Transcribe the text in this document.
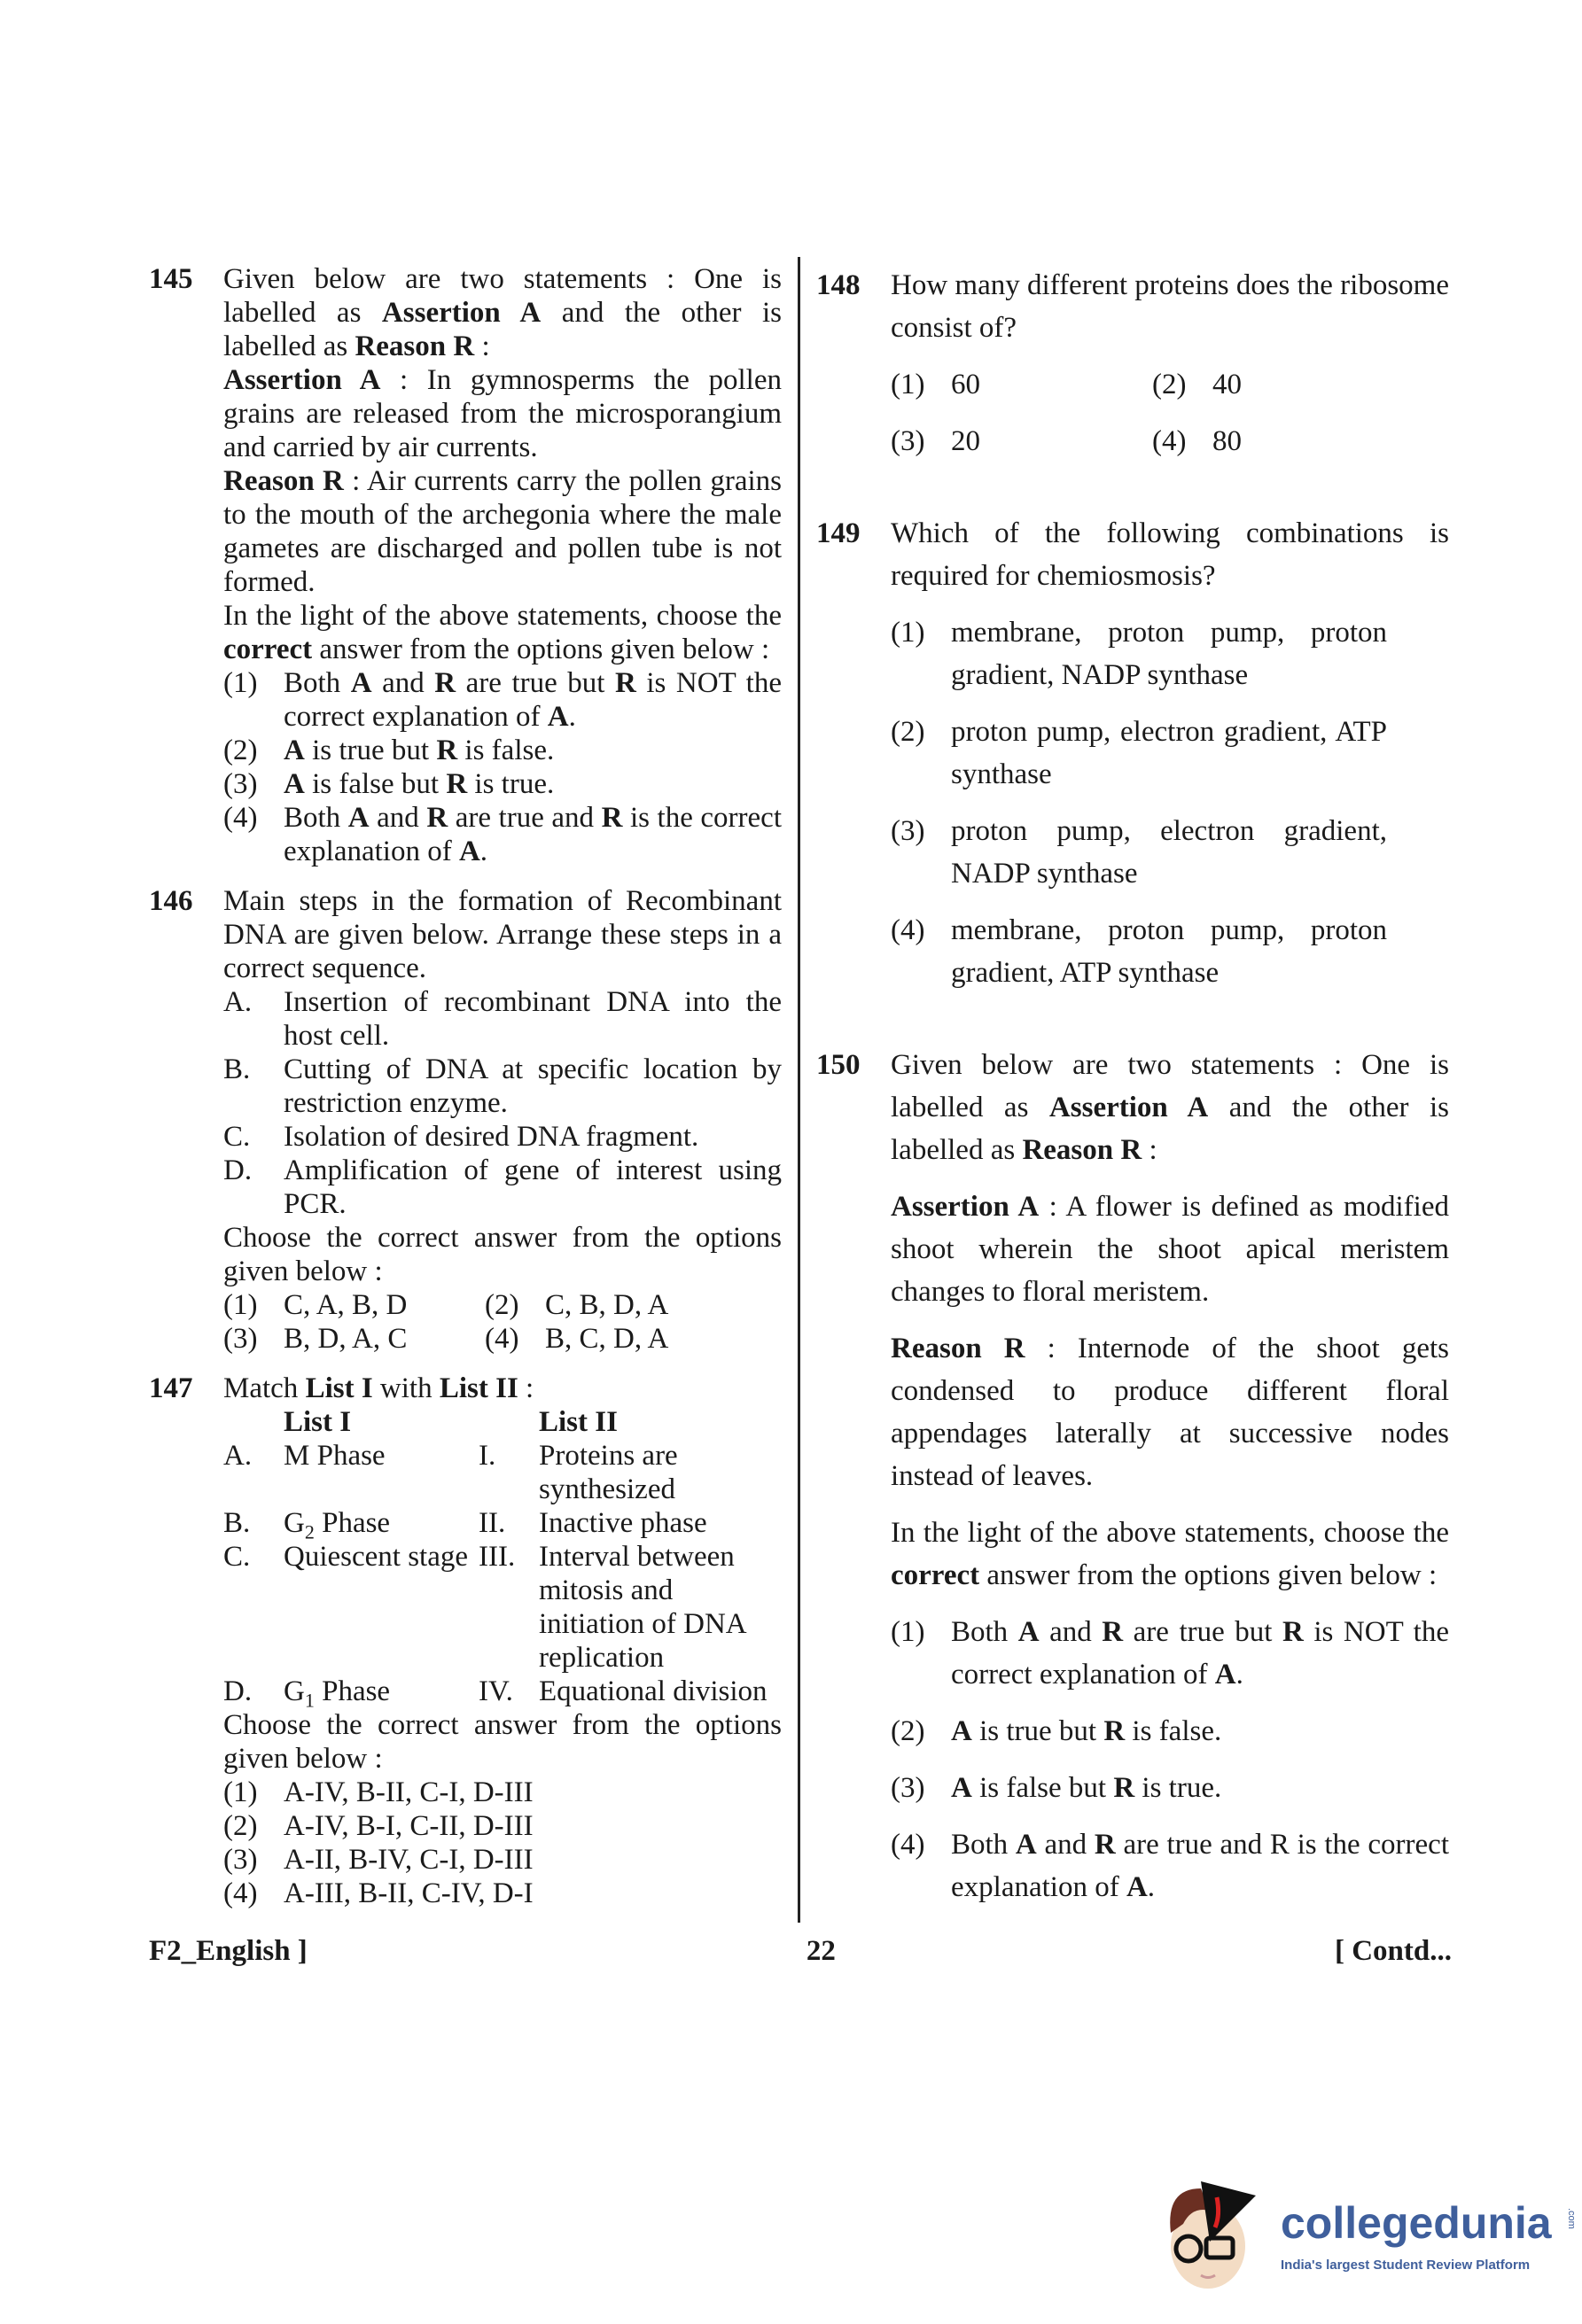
145 Given below are two statements : One is labelled as Assertion A and the other is labelled as Reason R :

Assertion A : In gymnosperms the pollen grains are released from the microsporangium and carried by air currents.

Reason R : Air currents carry the pollen grains to the mouth of the archegonia where the male gametes are discharged and pollen tube is not formed.

In the light of the above statements, choose the correct answer from the options given below :

(1) Both A and R are true but R is NOT the correct explanation of A.
(2) A is true but R is false.
(3) A is false but R is true.
(4) Both A and R are true and R is the correct explanation of A.
146 Main steps in the formation of Recombinant DNA are given below. Arrange these steps in a correct sequence.

A.	Insertion of recombinant DNA into the host cell.
B.	Cutting of DNA at specific location by restriction enzyme.
C.	Isolation of desired DNA fragment.
D.	Amplification of gene of interest using PCR.

Choose the correct answer from the options given below :

(1) C, A, B, D	(2) C, B, D, A
(3) B, D, A, C	(4) B, C, D, A
147 Match List I with List II :
List I	List II
A.	M Phase	I.	Proteins are synthesized
B.	$G_2$ Phase	II.	Inactive phase
C.	Quiescent stage III. Interval between mitosis and initiation of DNA replication
D.	$G_1$ Phase	IV. Equational division

Choose the correct answer from the options given below :

(1) A-IV, B-II, C-I, D-III
(2) A-IV, B-I, C-II, D-III
(3) A-II, B-IV, C-I, D-III
(4) A-III, B-II, C-IV, D-I
148 How many different proteins does the ribosome consist of?

(1) 60	(2) 40
(3) 20	(4) 80
149 Which of the following combinations is required for chemiosmosis?

(1) membrane, proton pump, proton gradient, NADP synthase
(2) proton pump, electron gradient, ATP synthase
(3) proton pump, electron gradient, NADP synthase
(4) membrane, proton pump, proton gradient, ATP synthase
150 Given below are two statements : One is labelled as Assertion A and the other is labelled as Reason R :

Assertion A : A flower is defined as modified shoot wherein the shoot apical meristem changes to floral meristem.

Reason R : Internode of the shoot gets condensed to produce different floral appendages laterally at successive nodes instead of leaves.

In the light of the above statements, choose the correct answer from the options given below :

(1) Both A and R are true but R is NOT the correct explanation of A.
(2) A is true but R is false.
(3) A is false but R is true.
(4) Both A and R are true and R is the correct explanation of A.
F2_English ]	22	[ Contd...
collegedunia .com
India's largest Student Review Platform
